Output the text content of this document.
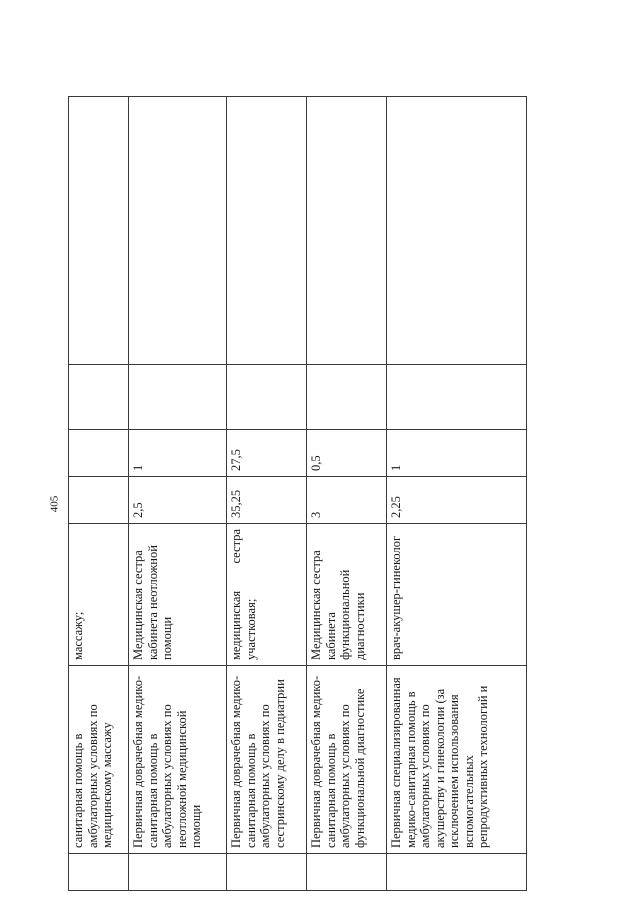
405
	санитарная помощь в амбулаторных условиях по медицинскому массажу	массажу;				
	Первичная доврачебная медико-санитарная помощь в амбулаторных условиях по неотложной медицинской помощи	Медицинская сестра кабинета неотложной помощи	2,5	1		
	Первичная доврачебная медико-санитарная помощь в амбулаторных условиях по сестринскому делу в педиатрии	медицинская сестра участковая;	35,25	27,5		
	Первичная доврачебная медико-санитарная помощь в амбулаторных условиях по функциональной диагностике	Медицинская сестра кабинета функциональной диагностики	3	0,5		
	Первичная специализированная медико-санитарная помощь в амбулаторных условиях по акушерству и гинекологии (за исключением использования вспомогательных репродуктивных технологий и	врач-акушер-гинеколог	2,25	1		
